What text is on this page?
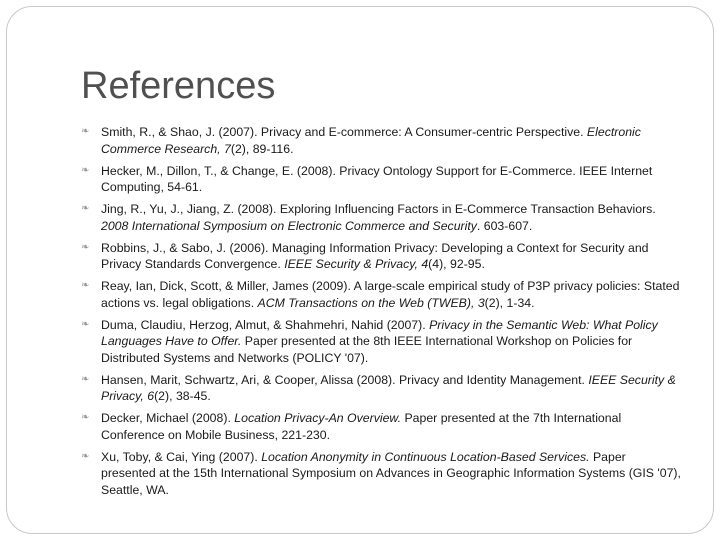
References
❧ Smith, R., & Shao, J. (2007). Privacy and E-commerce: A Consumer-centric Perspective. Electronic Commerce Research, 7(2), 89-116.
❧ Hecker, M., Dillon, T., & Change, E. (2008). Privacy Ontology Support for E-Commerce. IEEE Internet Computing, 54-61.
❧ Jing, R., Yu, J., Jiang, Z. (2008). Exploring Influencing Factors in E-Commerce Transaction Behaviors. 2008 International Symposium on Electronic Commerce and Security. 603-607.
❧ Robbins, J., & Sabo, J. (2006). Managing Information Privacy: Developing a Context for Security and Privacy Standards Convergence. IEEE Security & Privacy, 4(4), 92-95.
❧ Reay, Ian, Dick, Scott, & Miller, James (2009). A large-scale empirical study of P3P privacy policies: Stated actions vs. legal obligations. ACM Transactions on the Web (TWEB), 3(2), 1-34.
❧ Duma, Claudiu, Herzog, Almut, & Shahmehri, Nahid (2007). Privacy in the Semantic Web: What Policy Languages Have to Offer. Paper presented at the 8th IEEE International Workshop on Policies for Distributed Systems and Networks (POLICY '07).
❧ Hansen, Marit, Schwartz, Ari, & Cooper, Alissa (2008). Privacy and Identity Management. IEEE Security & Privacy, 6(2), 38-45.
❧ Decker, Michael (2008). Location Privacy-An Overview. Paper presented at the 7th International Conference on Mobile Business, 221-230.
❧ Xu, Toby, & Cai, Ying (2007). Location Anonymity in Continuous Location-Based Services. Paper presented at the 15th International Symposium on Advances in Geographic Information Systems (GIS '07), Seattle, WA.
